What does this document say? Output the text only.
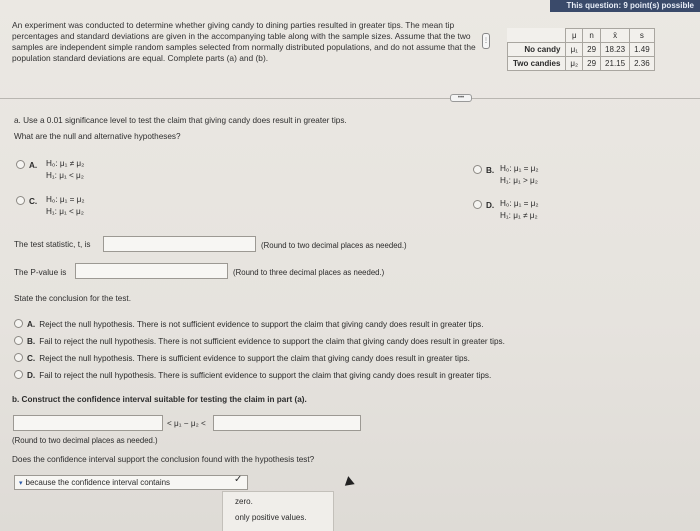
This question: 9 point(s) possible
An experiment was conducted to determine whether giving candy to dining parties resulted in greater tips. The mean tip percentages and standard deviations are given in the accompanying table along with the sample sizes. Assume that the two samples are independent simple random samples selected from normally distributed populations, and do not assume that the population standard deviations are equal. Complete parts (a) and (b).
⋮
	μ	n	x̄	s
No candy	μ₁	29	18.23	1.49
Two candies	μ₂	29	21.15	2.36
•••
a. Use a 0.01 significance level to test the claim that giving candy does result in greater tips.
What are the null and alternative hypotheses?
A.	H₀: μ₁ ≠ μ₂
H₁: μ₁ < μ₂
B. H₀: μ₁ = μ₂
H₁: μ₁ > μ₂
C.	H₀: μ₁ = μ₂
H₁: μ₁ < μ₂
D. H₀: μ₁ = μ₂
H₁: μ₁ ≠ μ₂
The test statistic, t, is	(Round to two decimal places as needed.)
The P-value is	(Round to three decimal places as needed.)
State the conclusion for the test.
A. Reject the null hypothesis. There is not sufficient evidence to support the claim that giving candy does result in greater tips.
B. Fail to reject the null hypothesis. There is not sufficient evidence to support the claim that giving candy does result in greater tips.
C. Reject the null hypothesis. There is sufficient evidence to support the claim that giving candy does result in greater tips.
D. Fail to reject the null hypothesis. There is sufficient evidence to support the claim that giving candy does result in greater tips.
b. Construct the confidence interval suitable for testing the claim in part (a).
< μ₁ − μ₂ <
(Round to two decimal places as needed.)
Does the confidence interval support the conclusion found with the hypothesis test?
▾ because the confidence interval contains	✓
zero.
only positive values.
